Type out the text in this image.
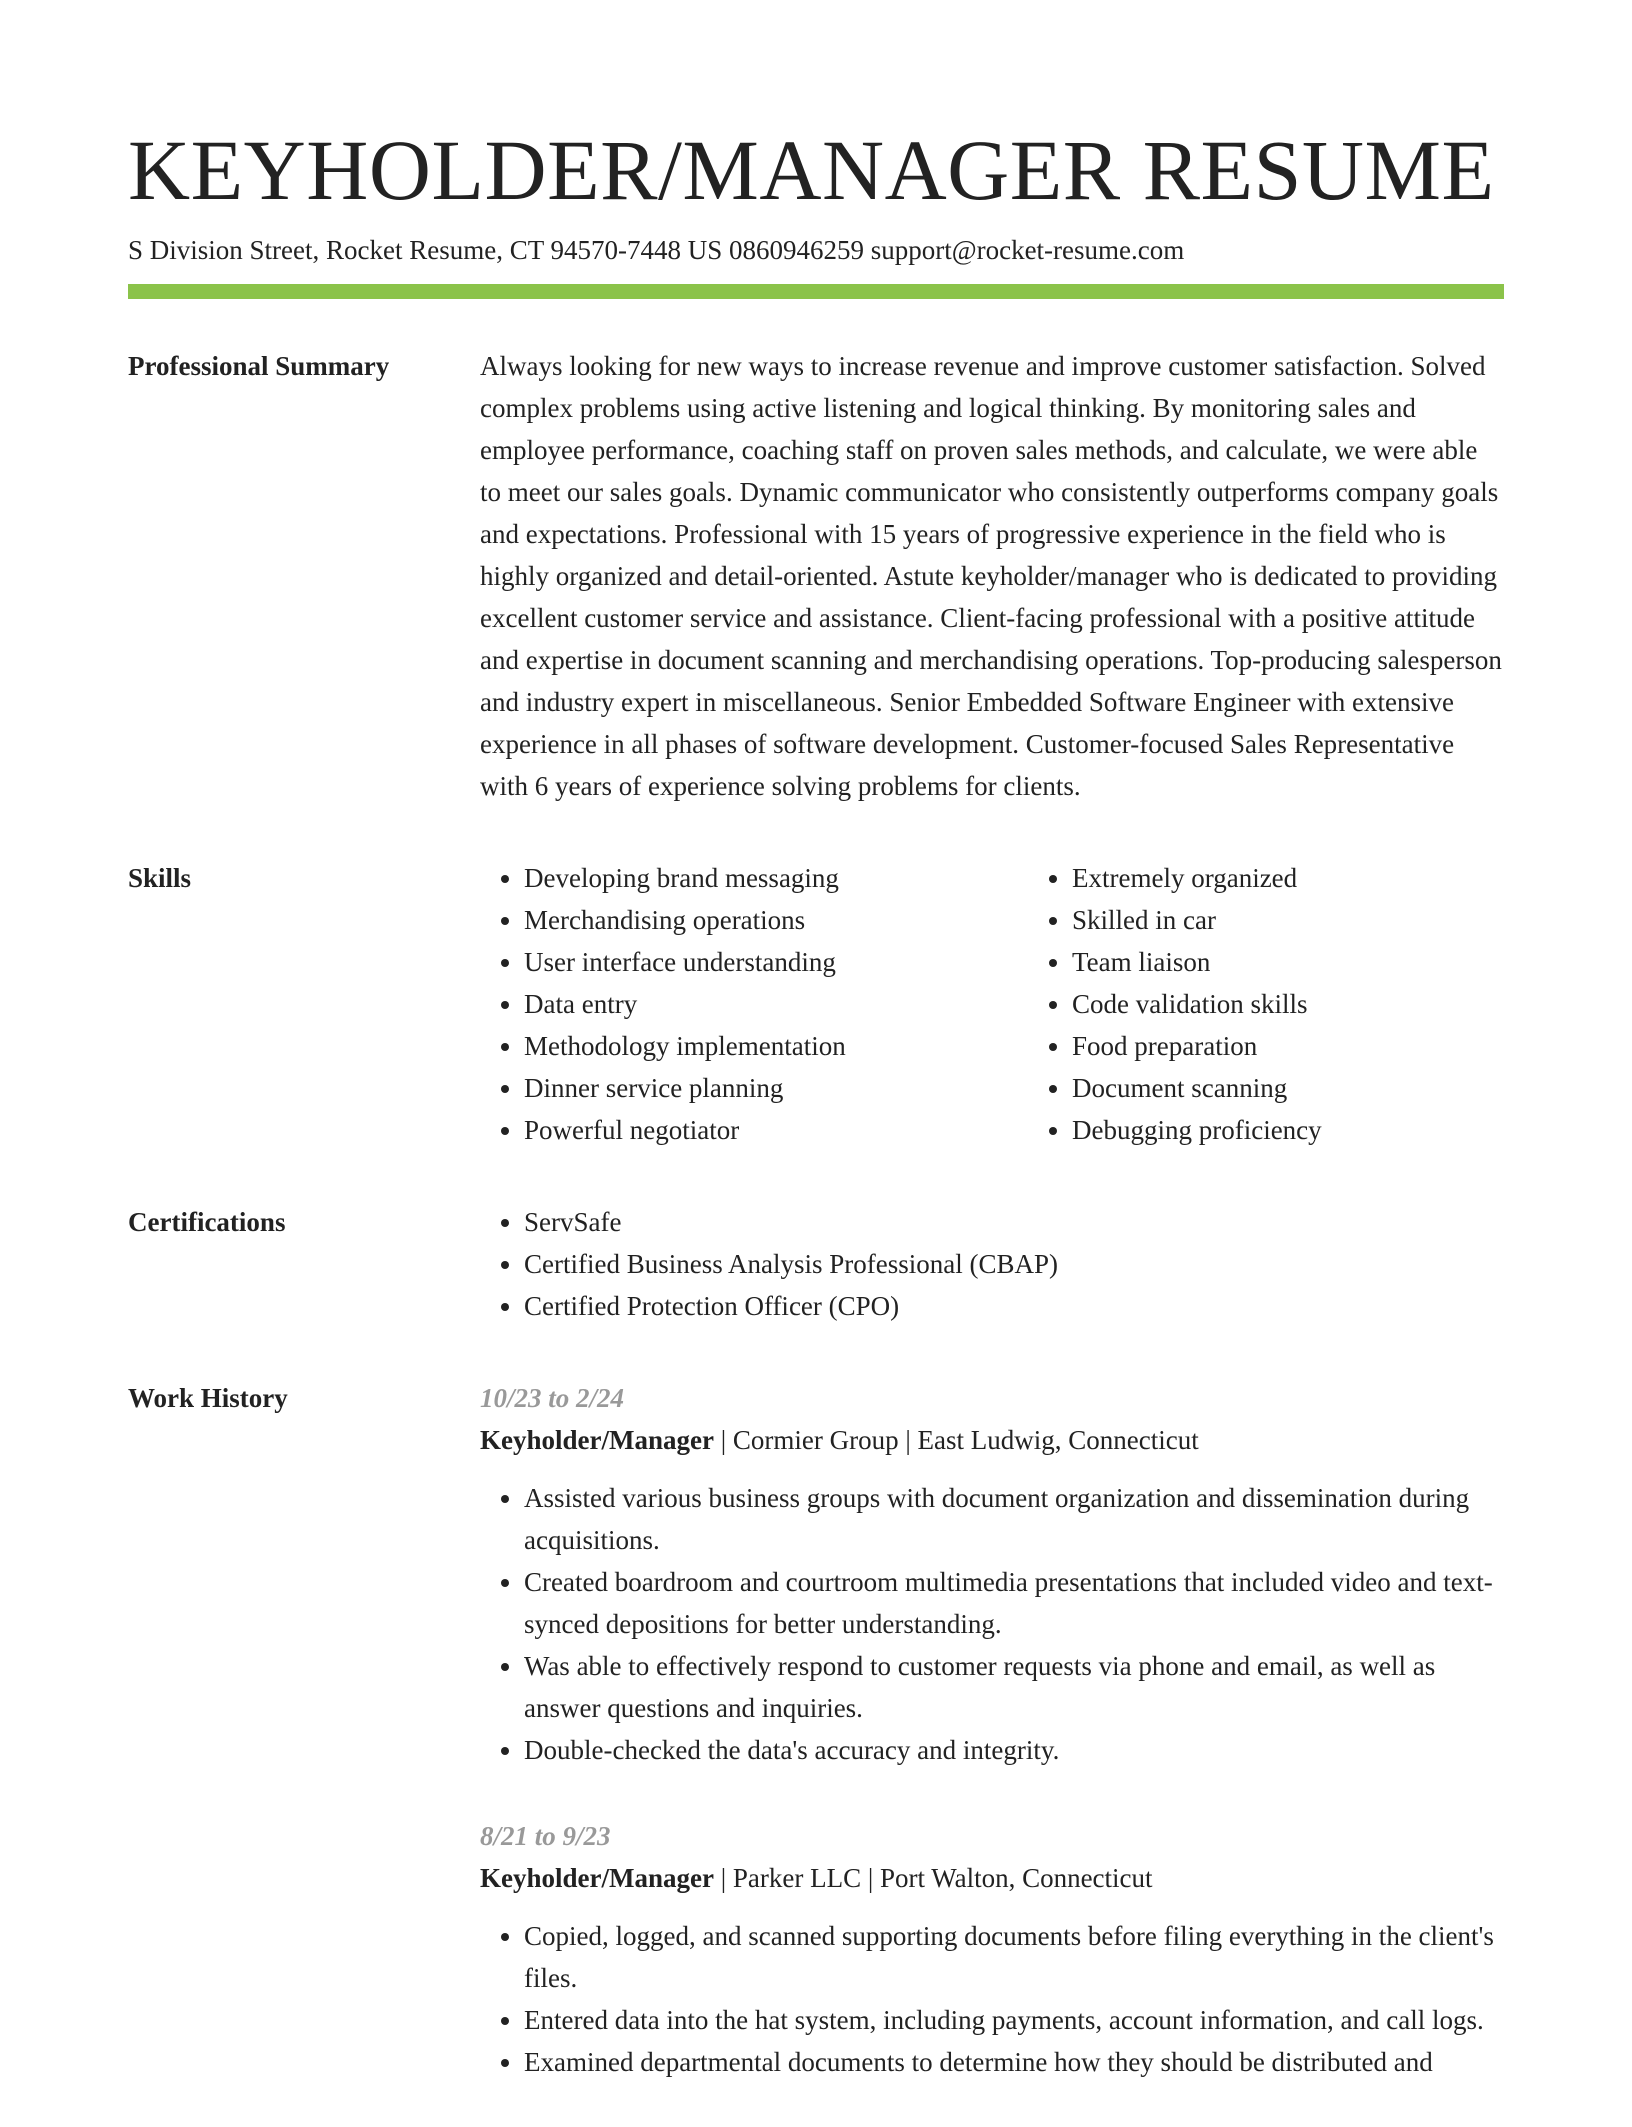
KEYHOLDER/MANAGER RESUME
S Division Street, Rocket Resume, CT 94570-7448 US 0860946259 support@rocket-resume.com
Professional Summary	Always looking for new ways to increase revenue and improve customer satisfaction. Solved complex problems using active listening and logical thinking. By monitoring sales and employee performance, coaching staff on proven sales methods, and calculate, we were able to meet our sales goals. Dynamic communicator who consistently outperforms company goals and expectations. Professional with 15 years of progressive experience in the field who is highly organized and detail-oriented. Astute keyholder/manager who is dedicated to providing excellent customer service and assistance. Client-facing professional with a positive attitude and expertise in document scanning and merchandising operations. Top-producing salesperson and industry expert in miscellaneous. Senior Embedded Software Engineer with extensive experience in all phases of software development. Customer-focused Sales Representative with 6 years of experience solving problems for clients.

Skills	• Developing brand messaging
• Merchandising operations
• User interface understanding
• Data entry
• Methodology implementation
• Dinner service planning
• Powerful negotiator
• Extremely organized
• Skilled in car
• Team liaison
• Code validation skills
• Food preparation
• Document scanning
• Debugging proficiency
Certifications	• ServSafe
• Certified Business Analysis Professional (CBAP)
• Certified Protection Officer (CPO)
Work History	10/23 to 2/24
Keyholder/Manager | Cormier Group | East Ludwig, Connecticut
• Assisted various business groups with document organization and dissemination during acquisitions.
• Created boardroom and courtroom multimedia presentations that included video and text-synced depositions for better understanding.
• Was able to effectively respond to customer requests via phone and email, as well as answer questions and inquiries.
• Double-checked the data's accuracy and integrity.
8/21 to 9/23
Keyholder/Manager | Parker LLC | Port Walton, Connecticut
• Copied, logged, and scanned supporting documents before filing everything in the client's files.
• Entered data into the hat system, including payments, account information, and call logs.
• Examined departmental documents to determine how they should be distributed and
